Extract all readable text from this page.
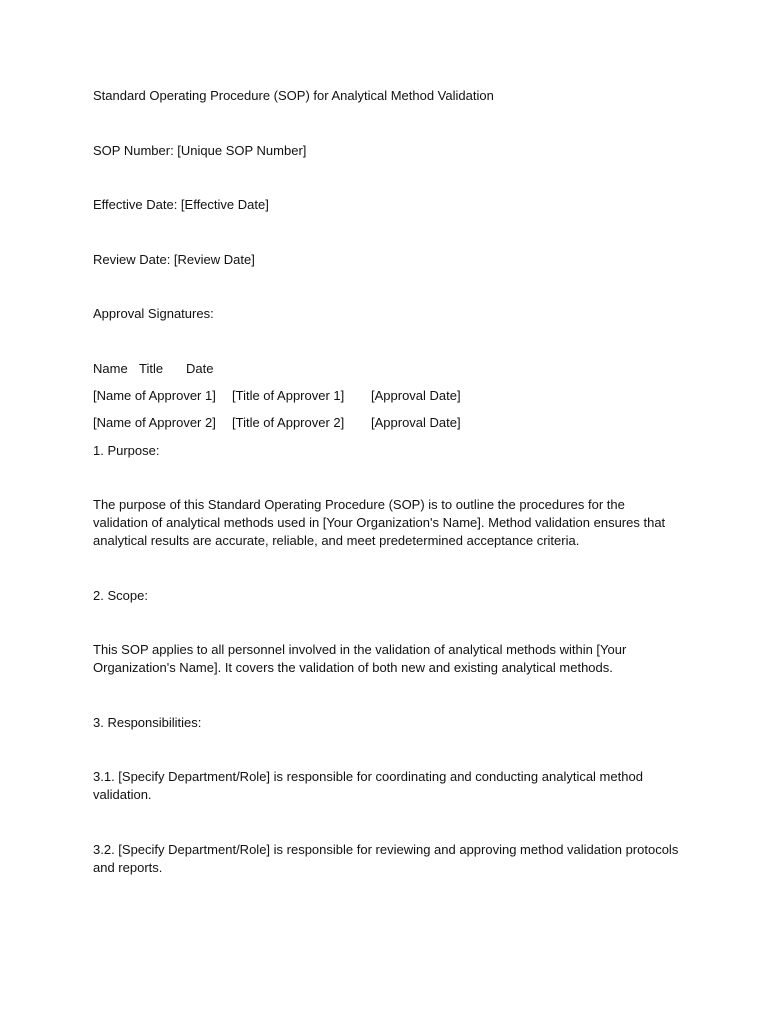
Standard Operating Procedure (SOP) for Analytical Method Validation

SOP Number: [Unique SOP Number]

Effective Date: [Effective Date]

Review Date: [Review Date]

Approval Signatures:

Name Title Date
[Name of Approver 1] [Title of Approver 1] [Approval Date]
[Name of Approver 2] [Title of Approver 2] [Approval Date]

1. Purpose:

The purpose of this Standard Operating Procedure (SOP) is to outline the procedures for the validation of analytical methods used in [Your Organization's Name]. Method validation ensures that analytical results are accurate, reliable, and meet predetermined acceptance criteria.

2. Scope:

This SOP applies to all personnel involved in the validation of analytical methods within [Your Organization's Name]. It covers the validation of both new and existing analytical methods.

3. Responsibilities:

3.1. [Specify Department/Role] is responsible for coordinating and conducting analytical method validation.

3.2. [Specify Department/Role] is responsible for reviewing and approving method validation protocols and reports.
